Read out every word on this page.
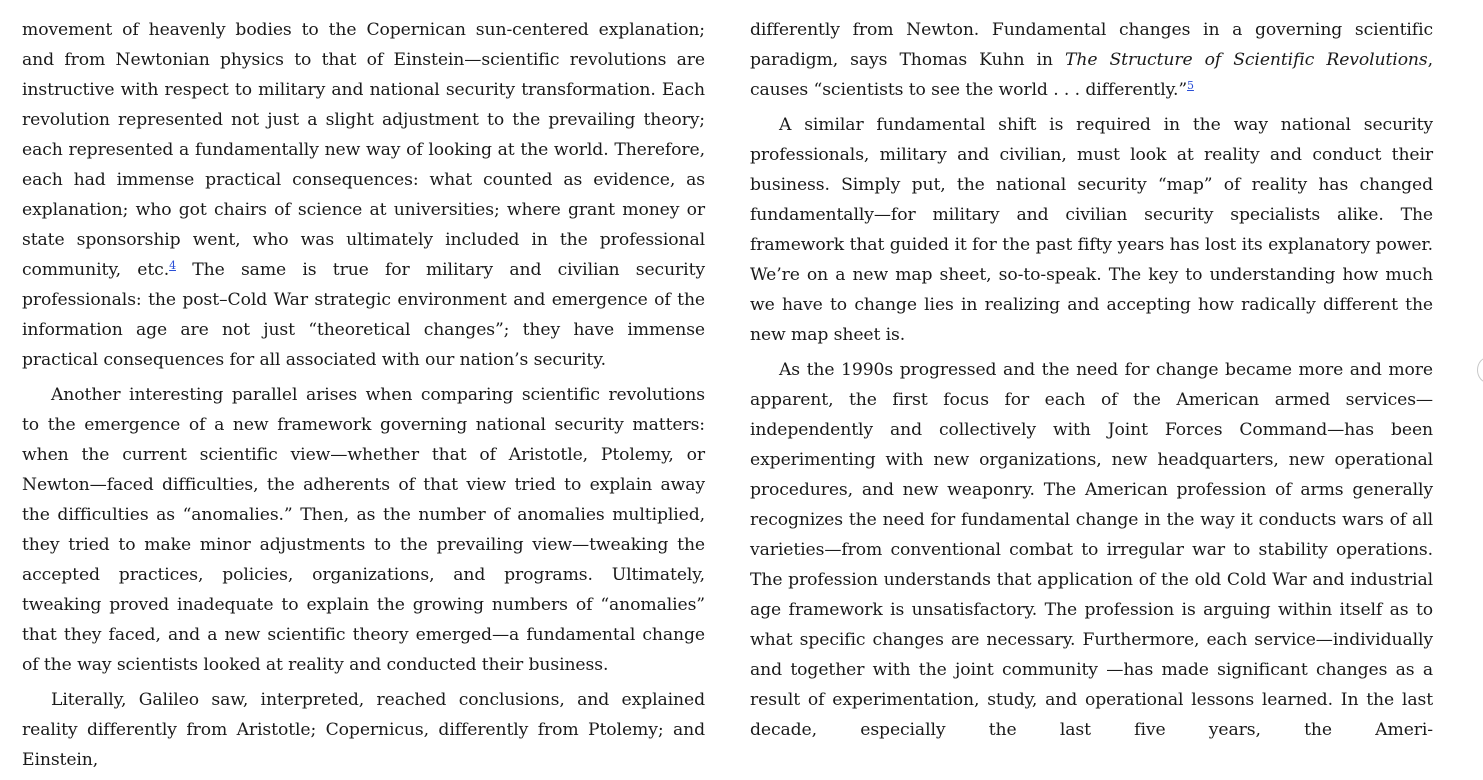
movement of heavenly bodies to the Copernican sun-centered explanation; and from Newtonian physics to that of Einstein—scientific revolutions are instructive with respect to military and national security transformation. Each revolution represented not just a slight adjustment to the prevailing theory; each represented a fundamentally new way of looking at the world. Therefore, each had immense practical consequences: what counted as evidence, as explanation; who got chairs of science at universities; where grant money or state sponsorship went, who was ultimately included in the professional community, etc.$^4$ The same is true for military and civilian security professionals: the post–Cold War strategic environment and emergence of the information age are not just “theoretical changes”; they have immense practical consequences for all associated with our nation’s security.

Another interesting parallel arises when comparing scientific revolutions to the emergence of a new framework governing national security matters: when the current scientific view—whether that of Aristotle, Ptolemy, or Newton—faced difficulties, the adherents of that view tried to explain away the difficulties as “anomalies.” Then, as the number of anomalies multiplied, they tried to make minor adjustments to the prevailing view—tweaking the accepted practices, policies, organizations, and programs. Ultimately, tweaking proved inadequate to explain the growing numbers of “anomalies” that they faced, and a new scientific theory emerged—a fundamental change of the way scientists looked at reality and conducted their business.

Literally, Galileo saw, interpreted, reached conclusions, and explained reality differently from Aristotle; Copernicus, differently from Ptolemy; and Einstein,

differently from Newton. Fundamental changes in a governing scientific paradigm, says Thomas Kuhn in The Structure of Scientific Revolutions, causes “scientists to see the world . . . differently.”$^5$

A similar fundamental shift is required in the way national security professionals, military and civilian, must look at reality and conduct their business. Simply put, the national security “map” of reality has changed fundamentally—for military and civilian security specialists alike. The framework that guided it for the past fifty years has lost its explanatory power. We’re on a new map sheet, so-to-speak. The key to understanding how much we have to change lies in realizing and accepting how radically different the new map sheet is.

As the 1990s progressed and the need for change became more and more apparent, the first focus for each of the American armed services—independently and collectively with Joint Forces Command—has been experimenting with new organizations, new headquarters, new operational procedures, and new weaponry. The American profession of arms generally recognizes the need for fundamental change in the way it conducts wars of all varieties—from conventional combat to irregular war to stability operations. The profession understands that application of the old Cold War and industrial age framework is unsatisfactory. The profession is arguing within itself as to what specific changes are necessary. Furthermore, each service—individually and together with the joint community —has made significant changes as a result of experimentation, study, and operational lessons learned. In the last decade, especially the last five years, the Ameri-
